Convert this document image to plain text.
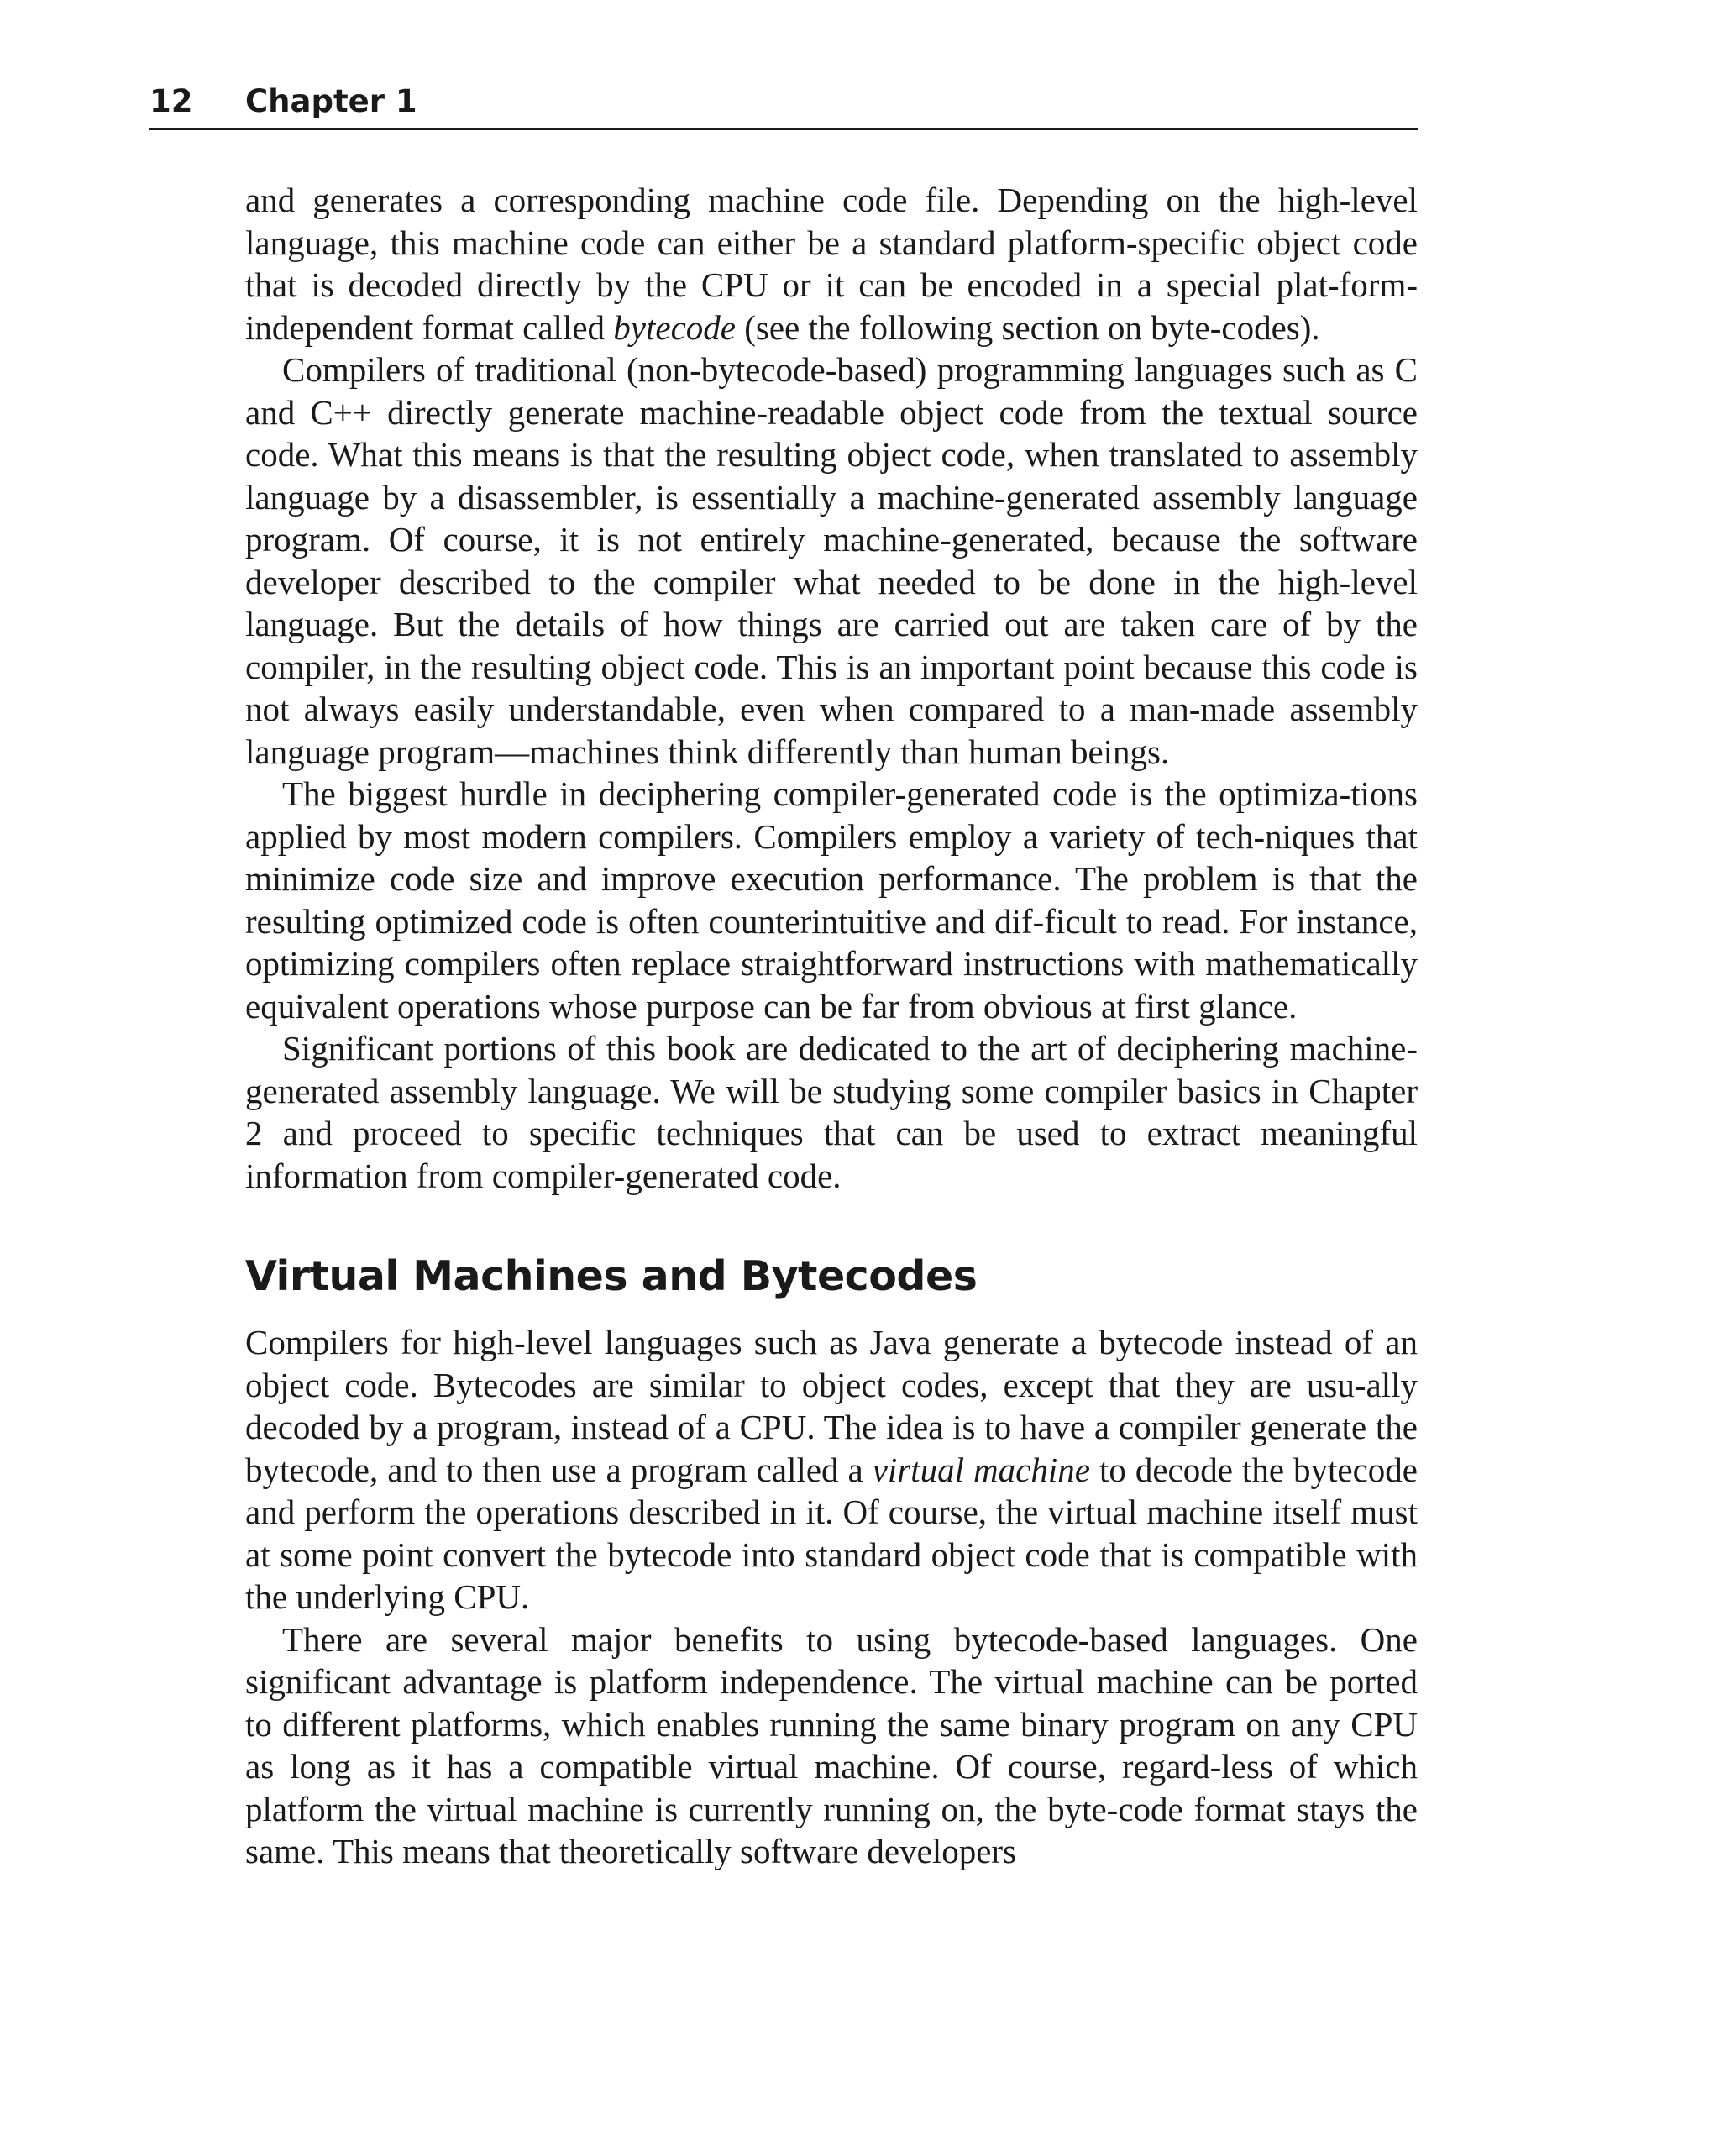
12 Chapter 1

and generates a corresponding machine code file. Depending on the high-level language, this machine code can either be a standard platform-specific object code that is decoded directly by the CPU or it can be encoded in a special plat-form-independent format called bytecode (see the following section on byte-codes).

Compilers of traditional (non-bytecode-based) programming languages such as C and C++ directly generate machine-readable object code from the textual source code. What this means is that the resulting object code, when translated to assembly language by a disassembler, is essentially a machine-generated assembly language program. Of course, it is not entirely machine-generated, because the software developer described to the compiler what needed to be done in the high-level language. But the details of how things are carried out are taken care of by the compiler, in the resulting object code. This is an important point because this code is not always easily understandable, even when compared to a man-made assembly language program—machines think differently than human beings.

The biggest hurdle in deciphering compiler-generated code is the optimiza-tions applied by most modern compilers. Compilers employ a variety of tech-niques that minimize code size and improve execution performance. The problem is that the resulting optimized code is often counterintuitive and dif-ficult to read. For instance, optimizing compilers often replace straightforward instructions with mathematically equivalent operations whose purpose can be far from obvious at first glance.

Significant portions of this book are dedicated to the art of deciphering machine-generated assembly language. We will be studying some compiler basics in Chapter 2 and proceed to specific techniques that can be used to extract meaningful information from compiler-generated code.

Virtual Machines and Bytecodes

Compilers for high-level languages such as Java generate a bytecode instead of an object code. Bytecodes are similar to object codes, except that they are usu-ally decoded by a program, instead of a CPU. The idea is to have a compiler generate the bytecode, and to then use a program called a virtual machine to decode the bytecode and perform the operations described in it. Of course, the virtual machine itself must at some point convert the bytecode into standard object code that is compatible with the underlying CPU.

There are several major benefits to using bytecode-based languages. One significant advantage is platform independence. The virtual machine can be ported to different platforms, which enables running the same binary program on any CPU as long as it has a compatible virtual machine. Of course, regard-less of which platform the virtual machine is currently running on, the byte-code format stays the same. This means that theoretically software developers
